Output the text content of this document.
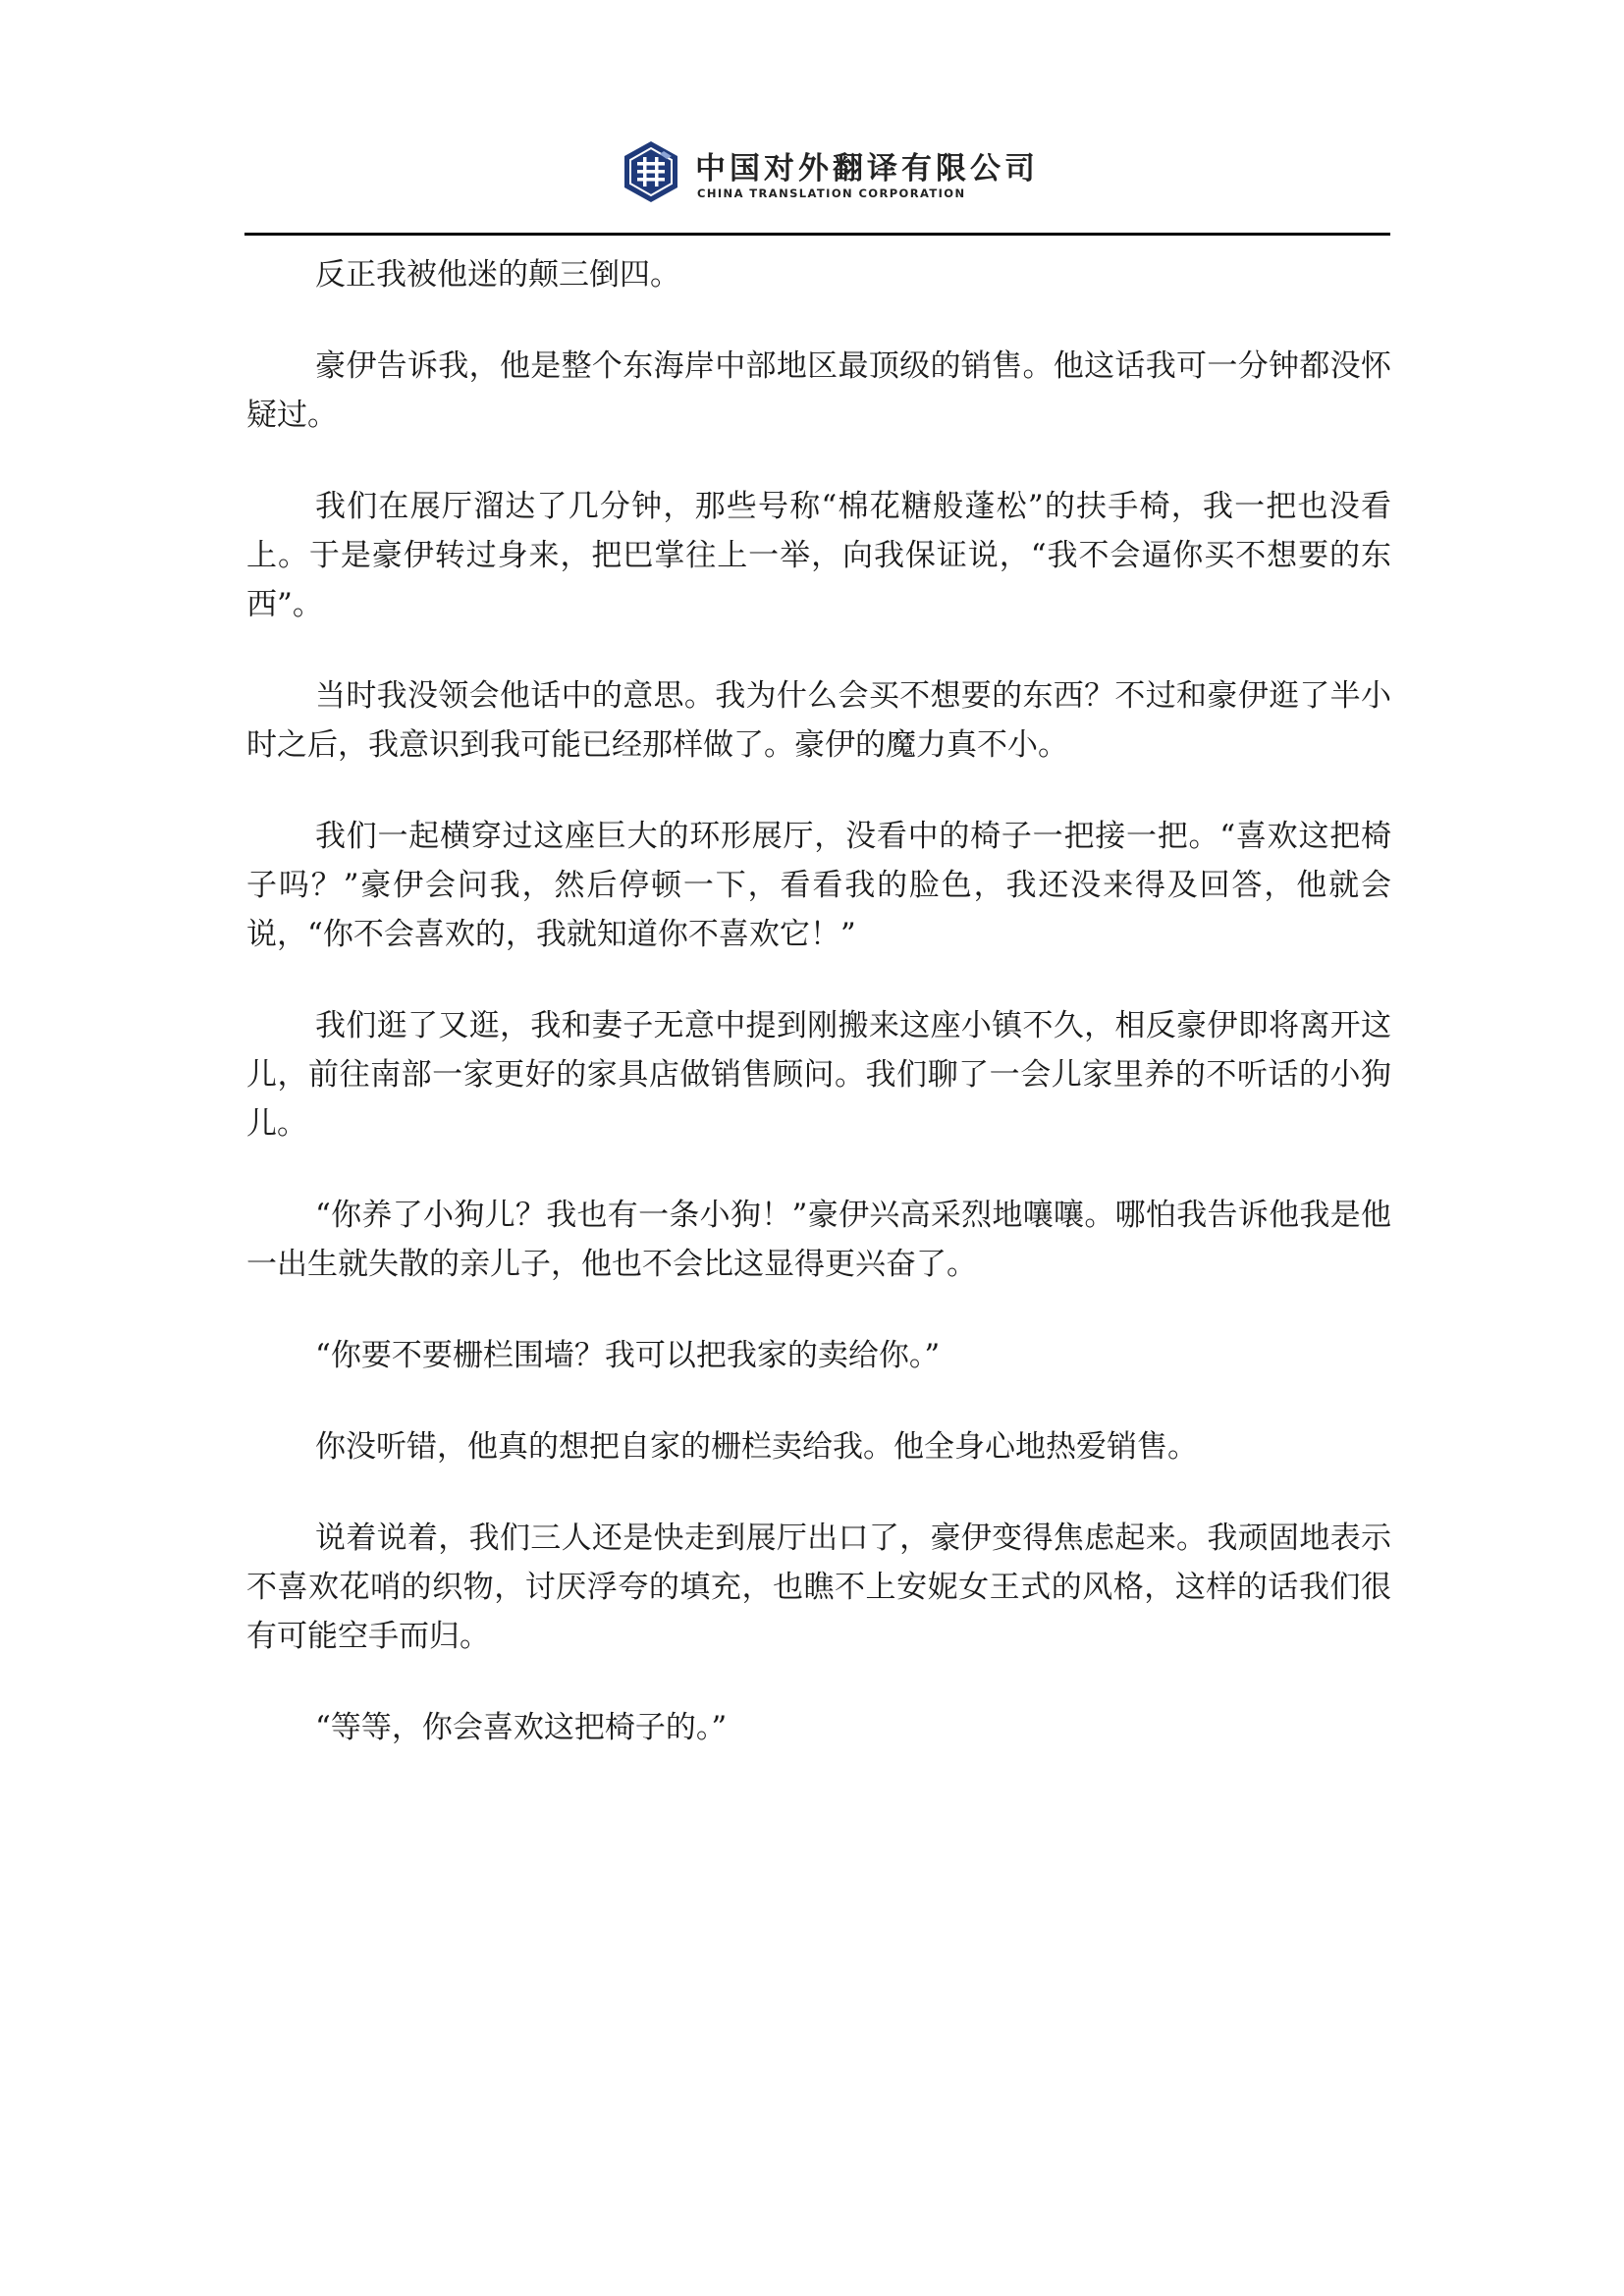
中国对外翻译有限公司
CHINA TRANSLATION CORPORATION

反正我被他迷的颠三倒四。

豪伊告诉我，他是整个东海岸中部地区最顶级的销售。他这话我可一分钟都没怀疑过。

我们在展厅溜达了几分钟，那些号称“棉花糖般蓬松”的扶手椅，我一把也没看上。于是豪伊转过身来，把巴掌往上一举，向我保证说，“我不会逼你买不想要的东西”。

当时我没领会他话中的意思。我为什么会买不想要的东西？不过和豪伊逛了半小时之后，我意识到我可能已经那样做了。豪伊的魔力真不小。

我们一起横穿过这座巨大的环形展厅，没看中的椅子一把接一把。“喜欢这把椅子吗？”豪伊会问我，然后停顿一下，看看我的脸色，我还没来得及回答，他就会说，“你不会喜欢的，我就知道你不喜欢它！”

我们逛了又逛，我和妻子无意中提到刚搬来这座小镇不久，相反豪伊即将离开这儿，前往南部一家更好的家具店做销售顾问。我们聊了一会儿家里养的不听话的小狗儿。

“你养了小狗儿？我也有一条小狗！”豪伊兴高采烈地嚷嚷。哪怕我告诉他我是他一出生就失散的亲儿子，他也不会比这显得更兴奋了。

“你要不要栅栏围墙？我可以把我家的卖给你。”

你没听错，他真的想把自家的栅栏卖给我。他全身心地热爱销售。

说着说着，我们三人还是快走到展厅出口了，豪伊变得焦虑起来。我顽固地表示不喜欢花哨的织物，讨厌浮夸的填充，也瞧不上安妮女王式的风格，这样的话我们很有可能空手而归。

“等等，你会喜欢这把椅子的。”
